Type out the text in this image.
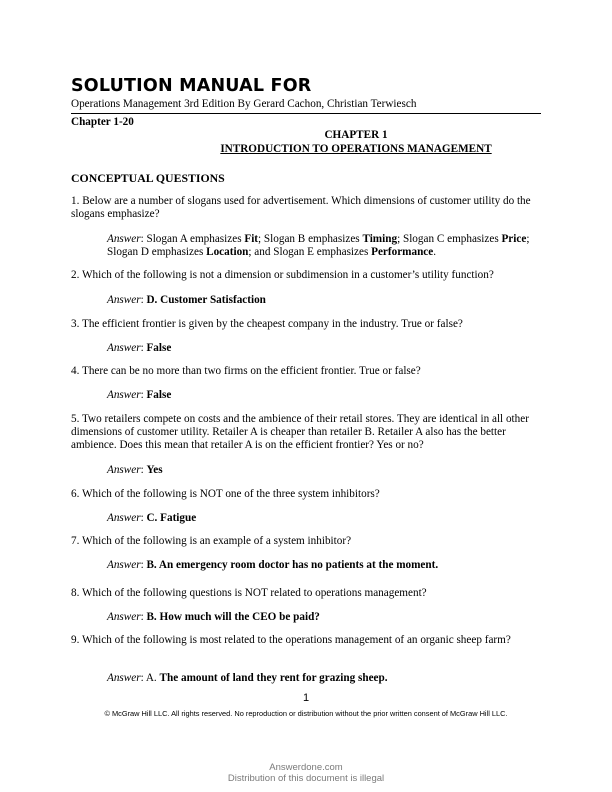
SOLUTION MANUAL FOR
Operations Management 3rd Edition By Gerard Cachon, Christian Terwiesch
Chapter 1-20
CHAPTER 1
INTRODUCTION TO OPERATIONS MANAGEMENT
CONCEPTUAL QUESTIONS
1. Below are a number of slogans used for advertisement. Which dimensions of customer utility do the slogans emphasize?
Answer: Slogan A emphasizes Fit; Slogan B emphasizes Timing; Slogan C emphasizes Price; Slogan D emphasizes Location; and Slogan E emphasizes Performance.
2. Which of the following is not a dimension or subdimension in a customer’s utility function?
Answer: D. Customer Satisfaction
3. The efficient frontier is given by the cheapest company in the industry. True or false?
Answer: False
4. There can be no more than two firms on the efficient frontier. True or false?
Answer: False
5. Two retailers compete on costs and the ambience of their retail stores. They are identical in all other dimensions of customer utility. Retailer A is cheaper than retailer B. Retailer A also has the better ambience. Does this mean that retailer A is on the efficient frontier? Yes or no?
Answer: Yes
6. Which of the following is NOT one of the three system inhibitors?
Answer: C. Fatigue
7. Which of the following is an example of a system inhibitor?
Answer: B. An emergency room doctor has no patients at the moment.
8. Which of the following questions is NOT related to operations management?
Answer: B. How much will the CEO be paid?
9. Which of the following is most related to the operations management of an organic sheep farm?
Answer: A. The amount of land they rent for grazing sheep.
1
© McGraw Hill LLC. All rights reserved. No reproduction or distribution without the prior written consent of McGraw Hill LLC.
Answerdone.com
Distribution of this document is illegal
